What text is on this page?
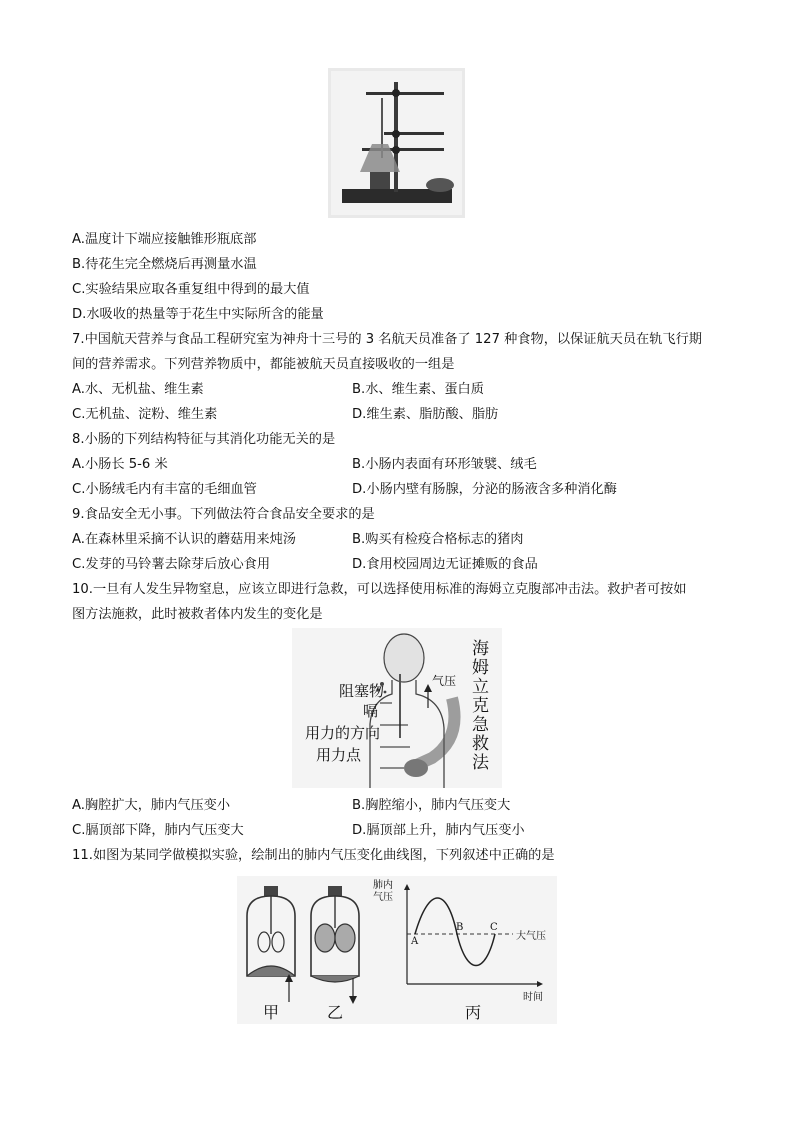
A.温度计下端应接触锥形瓶底部
B.待花生完全燃烧后再测量水温
C.实验结果应取各重复组中得到的最大值
D.水吸收的热量等于花生中实际所含的能量
7.中国航天营养与食品工程研究室为神舟十三号的 3 名航天员准备了 127 种食物，以保证航天员在轨飞行期
间的营养需求。下列营养物质中，都能被航天员直接吸收的一组是
A.水、无机盐、维生素	B.水、维生素、蛋白质
C.无机盐、淀粉、维生素	D.维生素、脂肪酸、脂肪
8.小肠的下列结构特征与其消化功能无关的是
A.小肠长 5-6 米	B.小肠内表面有环形皱襞、绒毛
C.小肠绒毛内有丰富的毛细血管	D.小肠内壁有肠腺，分泌的肠液含多种消化酶
9.食品安全无小事。下列做法符合食品安全要求的是
A.在森林里采摘不认识的蘑菇用来炖汤	B.购买有检疫合格标志的猪肉
C.发芽的马铃薯去除芽后放心食用	D.食用校园周边无证摊贩的食品
10.一旦有人发生异物窒息，应该立即进行急救，可以选择使用标准的海姆立克腹部冲击法。救护者可按如
图方法施救，此时被救者体内发生的变化是
阻塞物
嗝
用力的方向
用力点
气压
海姆立克急救法
A.胸腔扩大，肺内气压变小	B.胸腔缩小，肺内气压变大
C.膈顶部下降，肺内气压变大	D.膈顶部上升，肺内气压变小
11.如图为某同学做模拟实验，绘制出的肺内气压变化曲线图，下列叙述中正确的是
甲	乙	丙
肺内气压
时间
A
B	C
大气压
